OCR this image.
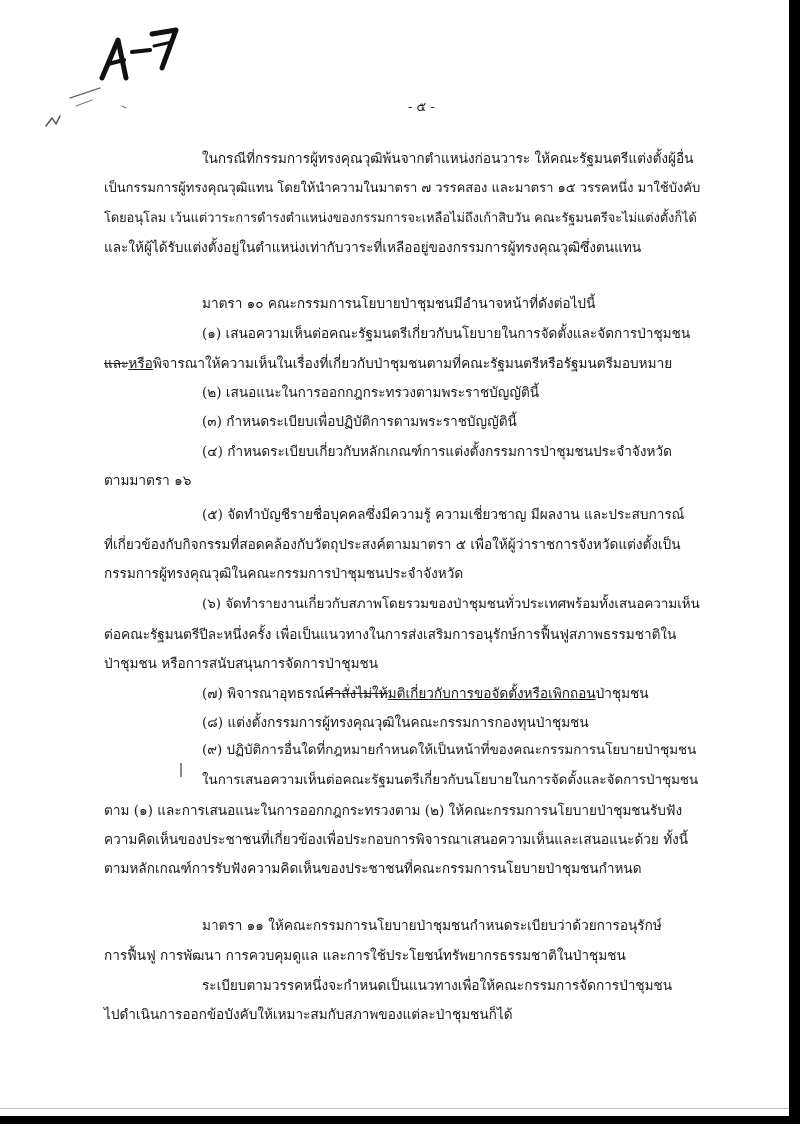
- ๕ -
ในกรณีที่กรรมการผู้ทรงคุณวุฒิพ้นจากตำแหน่งก่อนวาระ ให้คณะรัฐมนตรีแต่งตั้งผู้อื่น
เป็นกรรมการผู้ทรงคุณวุฒิแทน โดยให้นำความในมาตรา ๗ วรรคสอง และมาตรา ๑๕ วรรคหนึ่ง มาใช้บังคับ
โดยอนุโลม เว้นแต่วาระการดำรงตำแหน่งของกรรมการจะเหลือไม่ถึงเก้าสิบวัน คณะรัฐมนตรีจะไม่แต่งตั้งก็ได้
และให้ผู้ได้รับแต่งตั้งอยู่ในตำแหน่งเท่ากับวาระที่เหลืออยู่ของกรรมการผู้ทรงคุณวุฒิซึ่งตนแทน
มาตรา ๑๐ คณะกรรมการนโยบายป่าชุมชนมีอำนาจหน้าที่ดังต่อไปนี้
(๑) เสนอความเห็นต่อคณะรัฐมนตรีเกี่ยวกับนโยบายในการจัดตั้งและจัดการป่าชุมชน
และหรือพิจารณาให้ความเห็นในเรื่องที่เกี่ยวกับป่าชุมชนตามที่คณะรัฐมนตรีหรือรัฐมนตรีมอบหมาย
(๒) เสนอแนะในการออกกฎกระทรวงตามพระราชบัญญัตินี้
(๓) กำหนดระเบียบเพื่อปฏิบัติการตามพระราชบัญญัตินี้
(๔) กำหนดระเบียบเกี่ยวกับหลักเกณฑ์การแต่งตั้งกรรมการป่าชุมชนประจำจังหวัด
ตามมาตรา ๑๖
(๕) จัดทำบัญชีรายชื่อบุคคลซึ่งมีความรู้ ความเชี่ยวชาญ มีผลงาน และประสบการณ์
ที่เกี่ยวข้องกับกิจกรรมที่สอดคล้องกับวัตถุประสงค์ตามมาตรา ๕ เพื่อให้ผู้ว่าราชการจังหวัดแต่งตั้งเป็น
กรรมการผู้ทรงคุณวุฒิในคณะกรรมการป่าชุมชนประจำจังหวัด
(๖) จัดทำรายงานเกี่ยวกับสภาพโดยรวมของป่าชุมชนทั่วประเทศพร้อมทั้งเสนอความเห็น
ต่อคณะรัฐมนตรีปีละหนึ่งครั้ง เพื่อเป็นแนวทางในการส่งเสริมการอนุรักษ์การฟื้นฟูสภาพธรรมชาติใน
ป่าชุมชน หรือการสนับสนุนการจัดการป่าชุมชน
(๗) พิจารณาอุทธรณ์คำสั่งไม่ให้มติเกี่ยวกับการขอจัดตั้งหรือเพิกถอนป่าชุมชน
(๘) แต่งตั้งกรรมการผู้ทรงคุณวุฒิในคณะกรรมการกองทุนป่าชุมชน
(๙) ปฏิบัติการอื่นใดที่กฎหมายกำหนดให้เป็นหน้าที่ของคณะกรรมการนโยบายป่าชุมชน
ในการเสนอความเห็นต่อคณะรัฐมนตรีเกี่ยวกับนโยบายในการจัดตั้งและจัดการป่าชุมชน
ตาม (๑) และการเสนอแนะในการออกกฎกระทรวงตาม (๒) ให้คณะกรรมการนโยบายป่าชุมชนรับฟัง
ความคิดเห็นของประชาชนที่เกี่ยวข้องเพื่อประกอบการพิจารณาเสนอความเห็นและเสนอแนะด้วย ทั้งนี้
ตามหลักเกณฑ์การรับฟังความคิดเห็นของประชาชนที่คณะกรรมการนโยบายป่าชุมชนกำหนด
มาตรา ๑๑ ให้คณะกรรมการนโยบายป่าชุมชนกำหนดระเบียบว่าด้วยการอนุรักษ์
การฟื้นฟู การพัฒนา การควบคุมดูแล และการใช้ประโยชน์ทรัพยากรธรรมชาติในป่าชุมชน
ระเบียบตามวรรคหนึ่งจะกำหนดเป็นแนวทางเพื่อให้คณะกรรมการจัดการป่าชุมชน
ไปดำเนินการออกข้อบังคับให้เหมาะสมกับสภาพของแต่ละป่าชุมชนก็ได้
